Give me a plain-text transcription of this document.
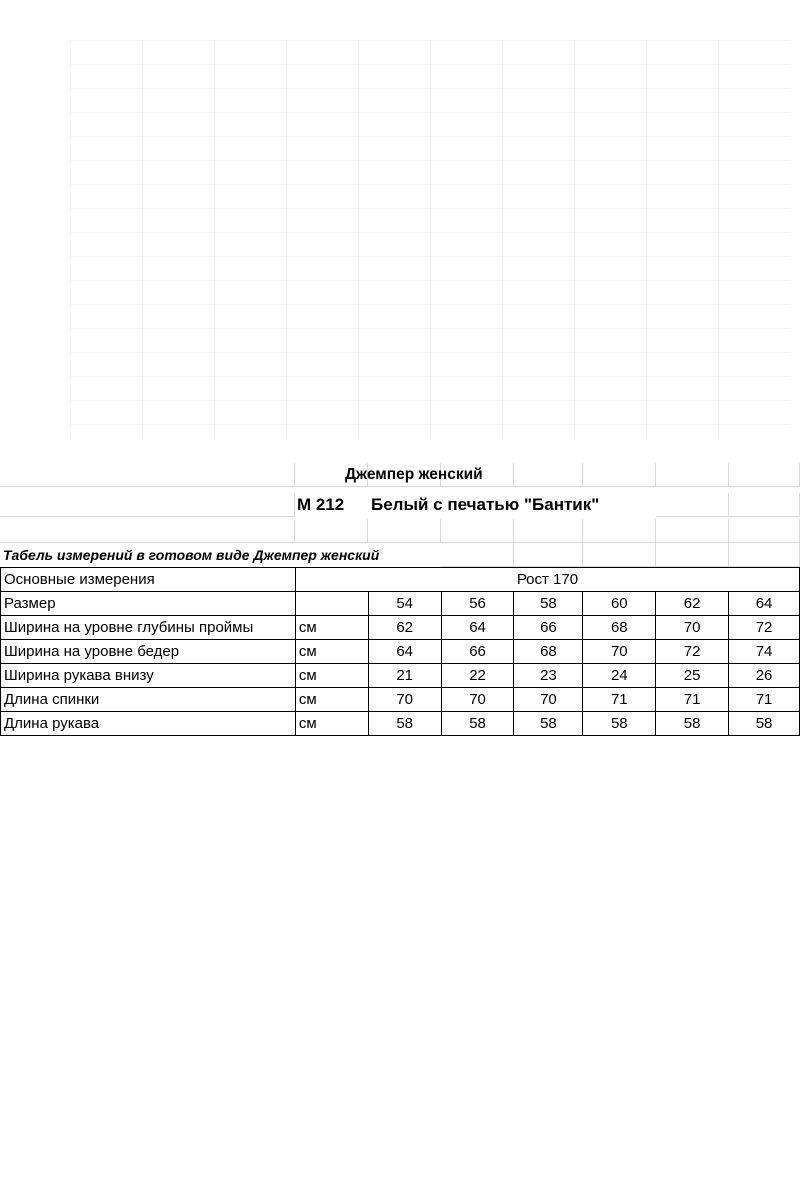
Джемпер женский
М 212	Белый с печатью "Бантик"
Табель измерений в готовом виде Джемпер женский
Основные измерения	Рост 170						
Размер		54	56	58	60	62	64
Ширина на уровне глубины проймы	см	62	64	66	68	70	72
Ширина на уровне бедер	см	64	66	68	70	72	74
Ширина рукава внизу	см	21	22	23	24	25	26
Длина спинки	см	70	70	70	71	71	71
Длина рукава	см	58	58	58	58	58	58
